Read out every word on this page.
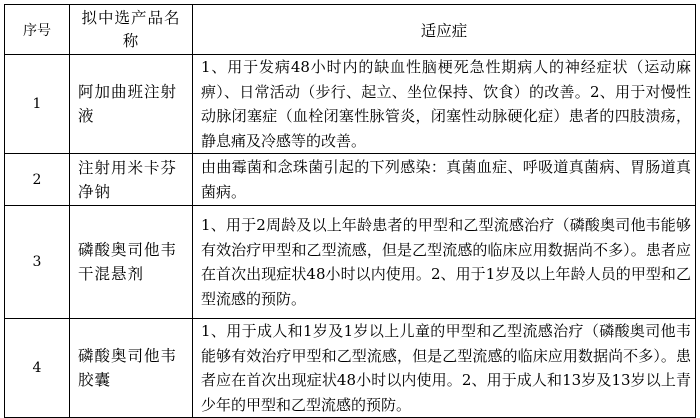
序号	拟中选产品名称	适应症
1	阿加曲班注射液	1、用于发病48小时内的缺血性脑梗死急性期病人的神经症状（运动麻痹）、日常活动（步行、起立、坐位保持、饮食）的改善。2、用于对慢性动脉闭塞症（血栓闭塞性脉管炎，闭塞性动脉硬化症）患者的四肢溃疡，静息痛及冷感等的改善。
2	注射用米卡芬净钠	由曲霉菌和念珠菌引起的下列感染：真菌血症、呼吸道真菌病、胃肠道真菌病。
3	磷酸奥司他韦干混悬剂	1、用于2周龄及以上年龄患者的甲型和乙型流感治疗（磷酸奥司他韦能够有效治疗甲型和乙型流感，但是乙型流感的临床应用数据尚不多）。患者应在首次出现症状48小时以内使用。2、用于1岁及以上年龄人员的甲型和乙型流感的预防。
4	磷酸奥司他韦胶囊	1、用于成人和1岁及1岁以上儿童的甲型和乙型流感治疗（磷酸奥司他韦能够有效治疗甲型和乙型流感，但是乙型流感的临床应用数据尚不多）。患者应在首次出现症状48小时以内使用。2、用于成人和13岁及13岁以上青少年的甲型和乙型流感的预防。
